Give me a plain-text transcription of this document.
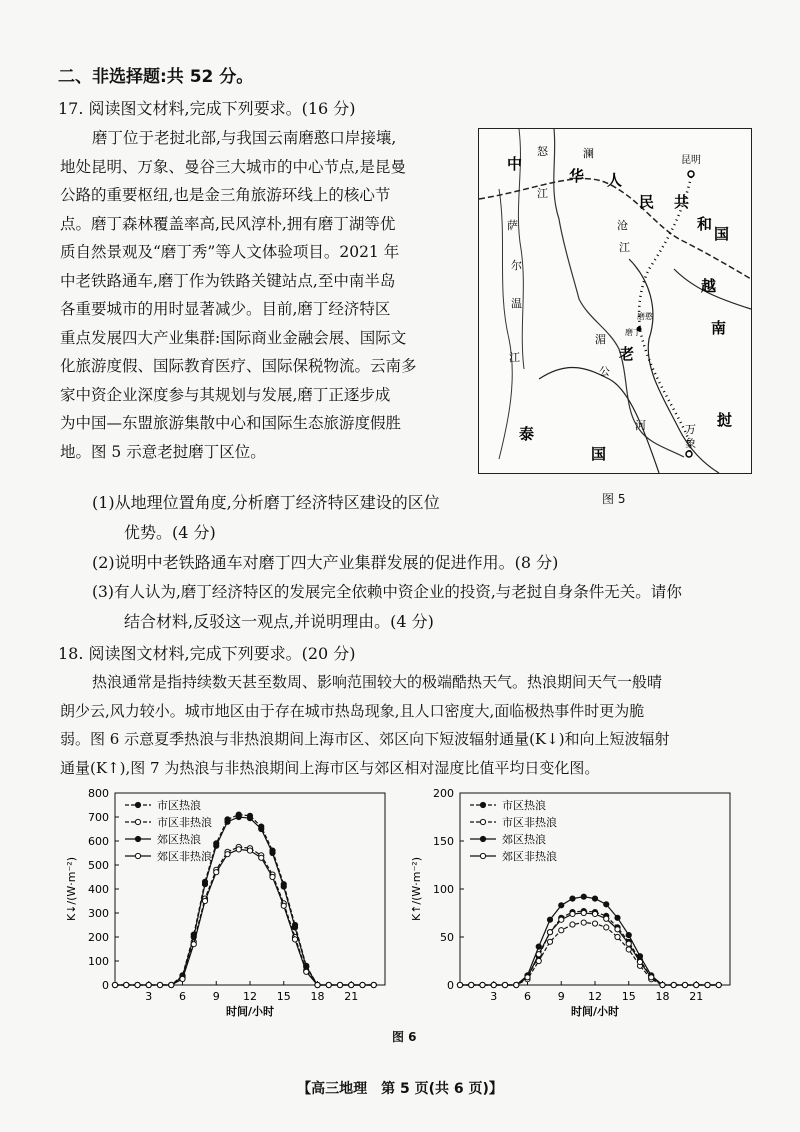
二、非选择题:共 52 分。
17. 阅读图文材料,完成下列要求。(16 分)
磨丁位于老挝北部,与我国云南磨憨口岸接壤,
地处昆明、万象、曼谷三大城市的中心节点,是昆曼
公路的重要枢纽,也是金三角旅游环线上的核心节
点。磨丁森林覆盖率高,民风淳朴,拥有磨丁湖等优
质自然景观及“磨丁秀”等人文体验项目。2021 年
中老铁路通车,磨丁作为铁路关键站点,至中南半岛
各重要城市的用时显著减少。目前,磨丁经济特区
重点发展四大产业集群:国际商业金融会展、国际文
化旅游度假、国际教育医疗、国际保税物流。云南多
家中资企业深度参与其规划与发展,磨丁正逐步成
为中国—东盟旅游集散中心和国际生态旅游度假胜
地。图 5 示意老挝磨丁区位。
中
华 人
民 共
和
国
怒
江
澜
沧
江
萨
尔
温
江
越
南
老
挝
泰
国
湄
公
河
昆明
万
象
磨憨
磨丁
图 5
(1)从地理位置角度,分析磨丁经济特区建设的区位
优势。(4 分)
(2)说明中老铁路通车对磨丁四大产业集群发展的促进作用。(8 分)
(3)有人认为,磨丁经济特区的发展完全依赖中资企业的投资,与老挝自身条件无关。请你
结合材料,反驳这一观点,并说明理由。(4 分)
18. 阅读图文材料,完成下列要求。(20 分)
热浪通常是指持续数天甚至数周、影响范围较大的极端酷热天气。热浪期间天气一般晴
朗少云,风力较小。城市地区由于存在城市热岛现象,且人口密度大,面临极热事件时更为脆
弱。图 6 示意夏季热浪与非热浪期间上海市区、郊区向下短波辐射通量(K↓)和向上短波辐射
通量(K↑),图 7 为热浪与非热浪期间上海市区与郊区相对湿度比值平均日变化图。
0
100
200
300
400
500
600
700
800
3 6 9 12 15 18 21
时间/小时
K↓/(W·m⁻²)
市区热浪
市区非热浪
郊区热浪
郊区非热浪
0
50
100
150
200
3 6 9 12 15 18 21
时间/小时
K↑/(W·m⁻²)
市区热浪
市区非热浪
郊区热浪
郊区非热浪
图 6
【高三地理　第 5 页(共 6 页)】
